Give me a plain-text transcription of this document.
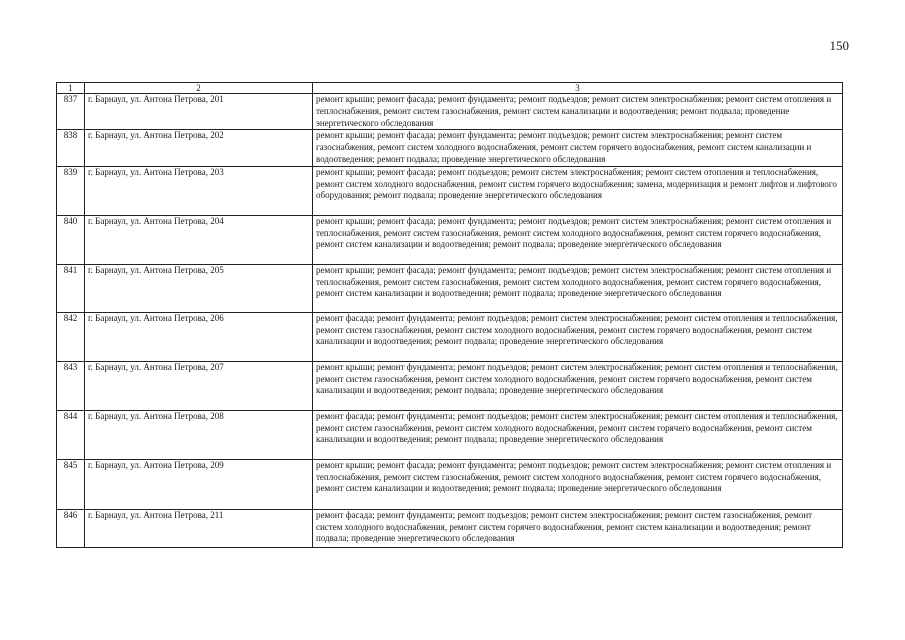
150
1	2	3
837	г. Барнаул, ул. Антона Петрова, 201	ремонт крыши; ремонт фасада; ремонт фундамента; ремонт подъездов; ремонт систем электроснабжения; ремонт систем отопления и теплоснабжения, ремонт систем газоснабжения, ремонт систем канализации и водоотведения; ремонт подвала; проведение энергетического обследования
838	г. Барнаул, ул. Антона Петрова, 202	ремонт крыши; ремонт фасада; ремонт фундамента; ремонт подъездов; ремонт систем электроснабжения; ремонт систем газоснабжения, ремонт систем холодного водоснабжения, ремонт систем горячего водоснабжения, ремонт систем канализации и водоотведения; ремонт подвала; проведение энергетического обследования
839	г. Барнаул, ул. Антона Петрова, 203	ремонт крыши; ремонт фасада; ремонт подъездов; ремонт систем электроснабжения; ремонт систем отопления и теплоснабжения, ремонт систем холодного водоснабжения, ремонт систем горячего водоснабжения; замена, модернизация и ремонт лифтов и лифтового оборудования; ремонт подвала; проведение энергетического обследования
840	г. Барнаул, ул. Антона Петрова, 204	ремонт крыши; ремонт фасада; ремонт фундамента; ремонт подъездов; ремонт систем электроснабжения; ремонт систем отопления и теплоснабжения, ремонт систем газоснабжения, ремонт систем холодного водоснабжения, ремонт систем горячего водоснабжения, ремонт систем канализации и водоотведения; ремонт подвала; проведение энергетического обследования
841	г. Барнаул, ул. Антона Петрова, 205	ремонт крыши; ремонт фасада; ремонт фундамента; ремонт подъездов; ремонт систем электроснабжения; ремонт систем отопления и теплоснабжения, ремонт систем газоснабжения, ремонт систем холодного водоснабжения, ремонт систем горячего водоснабжения, ремонт систем канализации и водоотведения; ремонт подвала; проведение энергетического обследования
842	г. Барнаул, ул. Антона Петрова, 206	ремонт фасада; ремонт фундамента; ремонт подъездов; ремонт систем электроснабжения; ремонт систем отопления и теплоснабжения, ремонт систем газоснабжения, ремонт систем холодного водоснабжения, ремонт систем горячего водоснабжения, ремонт систем канализации и водоотведения; ремонт подвала; проведение энергетического обследования
843	г. Барнаул, ул. Антона Петрова, 207	ремонт крыши; ремонт фундамента; ремонт подъездов; ремонт систем электроснабжения; ремонт систем отопления и теплоснабжения, ремонт систем газоснабжения, ремонт систем холодного водоснабжения, ремонт систем горячего водоснабжения, ремонт систем канализации и водоотведения; ремонт подвала; проведение энергетического обследования
844	г. Барнаул, ул. Антона Петрова, 208	ремонт фасада; ремонт фундамента; ремонт подъездов; ремонт систем электроснабжения; ремонт систем отопления и теплоснабжения, ремонт систем газоснабжения, ремонт систем холодного водоснабжения, ремонт систем горячего водоснабжения, ремонт систем канализации и водоотведения; ремонт подвала; проведение энергетического обследования
845	г. Барнаул, ул. Антона Петрова, 209	ремонт крыши; ремонт фасада; ремонт фундамента; ремонт подъездов; ремонт систем электроснабжения; ремонт систем отопления и теплоснабжения, ремонт систем газоснабжения, ремонт систем холодного водоснабжения, ремонт систем горячего водоснабжения, ремонт систем канализации и водоотведения; ремонт подвала; проведение энергетического обследования
846	г. Барнаул, ул. Антона Петрова, 211	ремонт фасада; ремонт фундамента; ремонт подъездов; ремонт систем электроснабжения; ремонт систем газоснабжения, ремонт систем холодного водоснабжения, ремонт систем горячего водоснабжения, ремонт систем канализации и водоотведения; ремонт подвала; проведение энергетического обследования
